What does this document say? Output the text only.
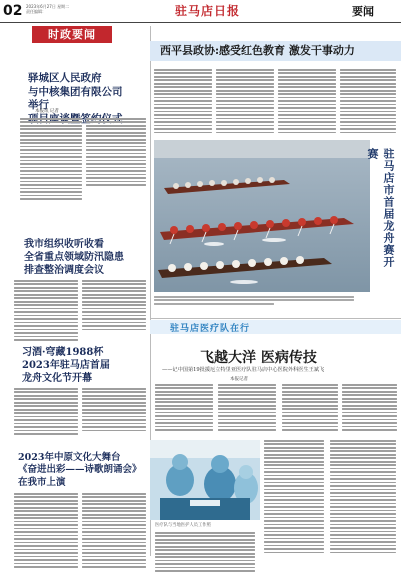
02 2023年6月27日 星期二
责任编辑：	驻马店日报	要闻
时政要闻
驿城区人民政府
与中核集团有限公司举行
本报讯 记者
我市组织收听收看
全省重点领域防汛隐患
排查整治调度会议
习酒·穹藏1988杯
2023年驻马店首届
龙舟文化节开幕
2023年中原文化大舞台
《奋进出彩——诗歌朗诵会》
在我市上演
西平县政协:感受红色教育 激发干事动力
驻马店市首届龙舟赛开赛
驻马店医疗队在行
飞越大洋 医病传技
——记中国第19批援厄立特里亚医疗队驻马店中心医院外科医生王斌飞
本报记者
医疗队与当地医护人员工作照
